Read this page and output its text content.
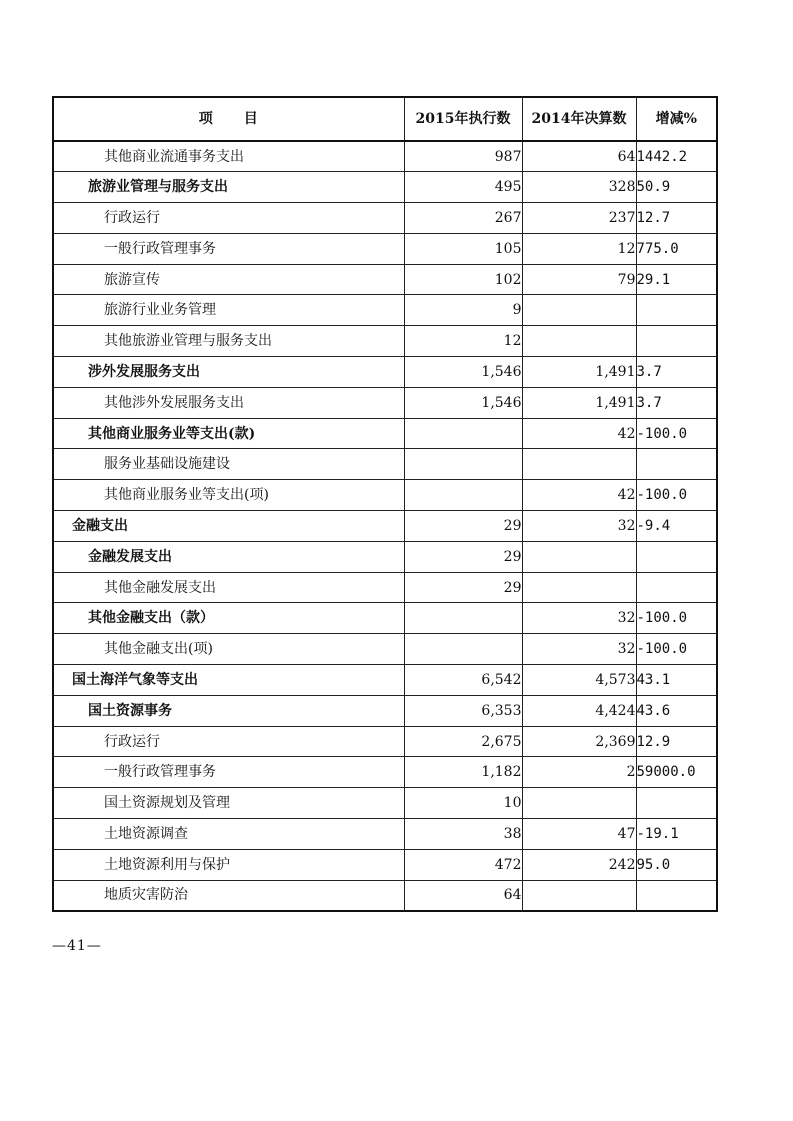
项　　目	2015年执行数	2014年决算数	增减%
其他商业流通事务支出	987	64	1442.2
旅游业管理与服务支出	495	328	50.9
行政运行	267	237	12.7
一般行政管理事务	105	12	775.0
旅游宣传	102	79	29.1
旅游行业业务管理	9		
其他旅游业管理与服务支出	12		
涉外发展服务支出	1,546	1,491	3.7
其他涉外发展服务支出	1,546	1,491	3.7
其他商业服务业等支出(款)		42	-100.0
服务业基础设施建设			
其他商业服务业等支出(项)		42	-100.0
金融支出	29	32	-9.4
金融发展支出	29		
其他金融发展支出	29		
其他金融支出（款）		32	-100.0
其他金融支出(项)		32	-100.0
国土海洋气象等支出	6,542	4,573	43.1
国土资源事务	6,353	4,424	43.6
行政运行	2,675	2,369	12.9
一般行政管理事务	1,182	2	59000.0
国土资源规划及管理	10		
土地资源调查	38	47	-19.1
土地资源利用与保护	472	242	95.0
地质灾害防治	64		
—41—
